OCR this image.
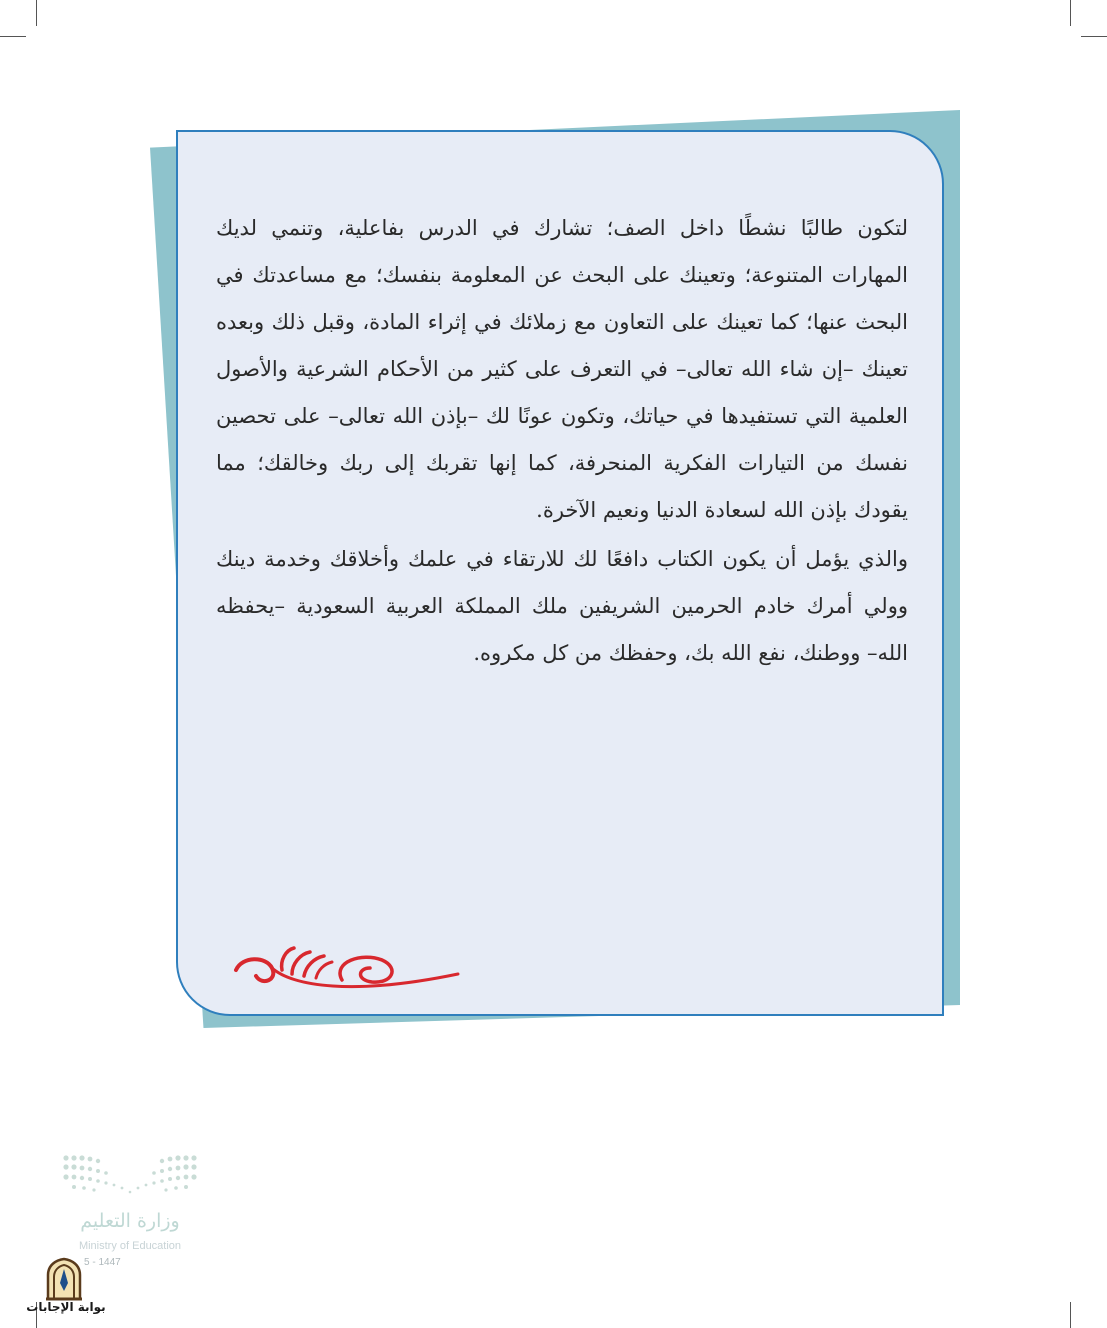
لتكون طالبًا نشطًا داخل الصف؛ تشارك في الدرس بفاعلية، وتنمي لديك المهارات المتنوعة؛ وتعينك على البحث عن المعلومة بنفسك؛ مع مساعدتك في البحث عنها؛ كما تعينك على التعاون مع زملائك في إثراء المادة، وقبل ذلك وبعده تعينك –إن شاء الله تعالى– في التعرف على كثير من الأحكام الشرعية والأصول العلمية التي تستفيدها في حياتك، وتكون عونًا لك –بإذن الله تعالى– على تحصين نفسك من التيارات الفكرية المنحرفة، كما إنها تقربك إلى ربك وخالقك؛ مما يقودك بإذن الله لسعادة الدنيا ونعيم الآخرة.

والذي يؤمل أن يكون الكتاب دافعًا لك للارتقاء في علمك وأخلاقك وخدمة دينك وولي أمرك خادم الحرمين الشريفين ملك المملكة العربية السعودية –يحفظه الله– ووطنك، نفع الله بك، وحفظك من كل مكروه.

وزارة التعليم
Ministry of Education
5 - 1447
بوابة الإجابات
